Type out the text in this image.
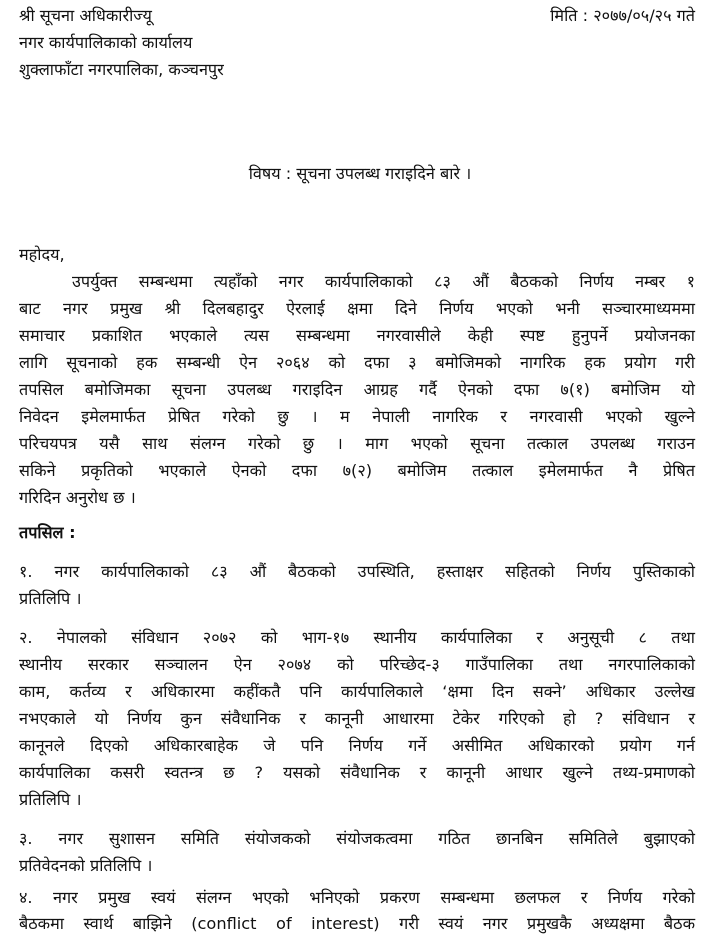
श्री सूचना अधिकारीज्यू
नगर कार्यपालिकाको कार्यालय
शुक्लाफाँटा नगरपालिका, कञ्चनपुर
मिति : २०७७/०५/२५ गते
विषय : सूचना उपलब्ध गराइदिने बारे ।
महोदय,
उपर्युक्त सम्बन्धमा त्यहाँको नगर कार्यपालिकाको ८३ औं बैठकको निर्णय नम्बर १
बाट नगर प्रमुख श्री दिलबहादुर ऐरलाई क्षमा दिने निर्णय भएको भनी सञ्चारमाध्यममा
समाचार प्रकाशित भएकाले त्यस सम्बन्धमा नगरवासीले केही स्पष्ट हुनुपर्ने प्रयोजनका
लागि सूचनाको हक सम्बन्धी ऐन २०६४ को दफा ३ बमोजिमको नागरिक हक प्रयोग गरी
तपसिल बमोजिमका सूचना उपलब्ध गराइदिन आग्रह गर्दै ऐनको दफा ७(१) बमोजिम यो
निवेदन इमेलमार्फत प्रेषित गरेको छु । म नेपाली नागरिक र नगरवासी भएको खुल्ने
परिचयपत्र यसै साथ संलग्न गरेको छु । माग भएको सूचना तत्काल उपलब्ध गराउन
सकिने प्रकृतिको भएकाले ऐनको दफा ७(२) बमोजिम तत्काल इमेलमार्फत नै प्रेषित
गरिदिन अनुरोध छ ।
तपसिल :
१. नगर कार्यपालिकाको ८३ औं बैठकको उपस्थिति, हस्ताक्षर सहितको निर्णय पुस्तिकाको
प्रतिलिपि ।
२. नेपालको संविधान २०७२ को भाग-१७ स्थानीय कार्यपालिका र अनुसूची ८ तथा
स्थानीय सरकार सञ्चालन ऐन २०७४ को परिच्छेद-३ गाउँपालिका तथा नगरपालिकाको
काम, कर्तव्य र अधिकारमा कहींकतै पनि कार्यपालिकाले ‘क्षमा दिन सक्ने’ अधिकार उल्लेख
नभएकाले यो निर्णय कुन संवैधानिक र कानूनी आधारमा टेकेर गरिएको हो ? संविधान र
कानूनले दिएको अधिकारबाहेक जे पनि निर्णय गर्ने असीमित अधिकारको प्रयोग गर्न
कार्यपालिका कसरी स्वतन्त्र छ ? यसको संवैधानिक र कानूनी आधार खुल्ने तथ्य-प्रमाणको
प्रतिलिपि ।
३. नगर सुशासन समिति संयोजकको संयोजकत्वमा गठित छानबिन समितिले बुझाएको
प्रतिवेदनको प्रतिलिपि ।
४. नगर प्रमुख स्वयं संलग्न भएको भनिएको प्रकरण सम्बन्धमा छलफल र निर्णय गरेको
बैठकमा स्वार्थ बाझिने (conflict of interest) गरी स्वयं नगर प्रमुखकै अध्यक्षमा बैठक
